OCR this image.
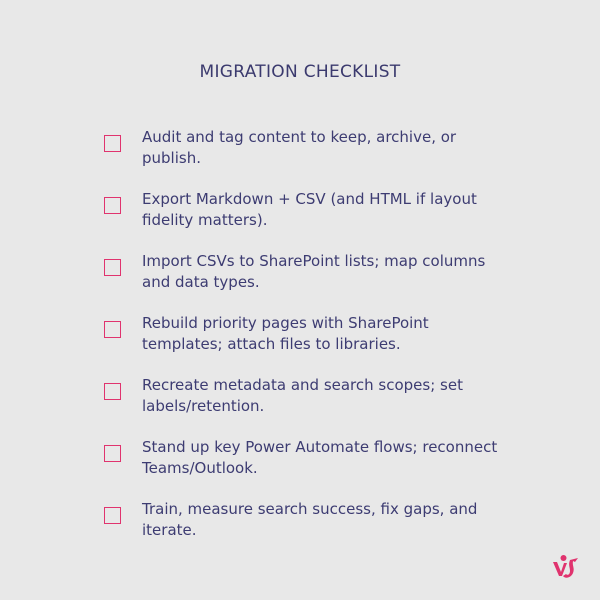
MIGRATION CHECKLIST
Audit and tag content to keep, archive, or publish.
Export Markdown + CSV (and HTML if layout fidelity matters).
Import CSVs to SharePoint lists; map columns and data types.
Rebuild priority pages with SharePoint templates; attach files to libraries.
Recreate metadata and search scopes; set labels/retention.
Stand up key Power Automate flows; reconnect Teams/Outlook.
Train, measure search success, fix gaps, and iterate.
